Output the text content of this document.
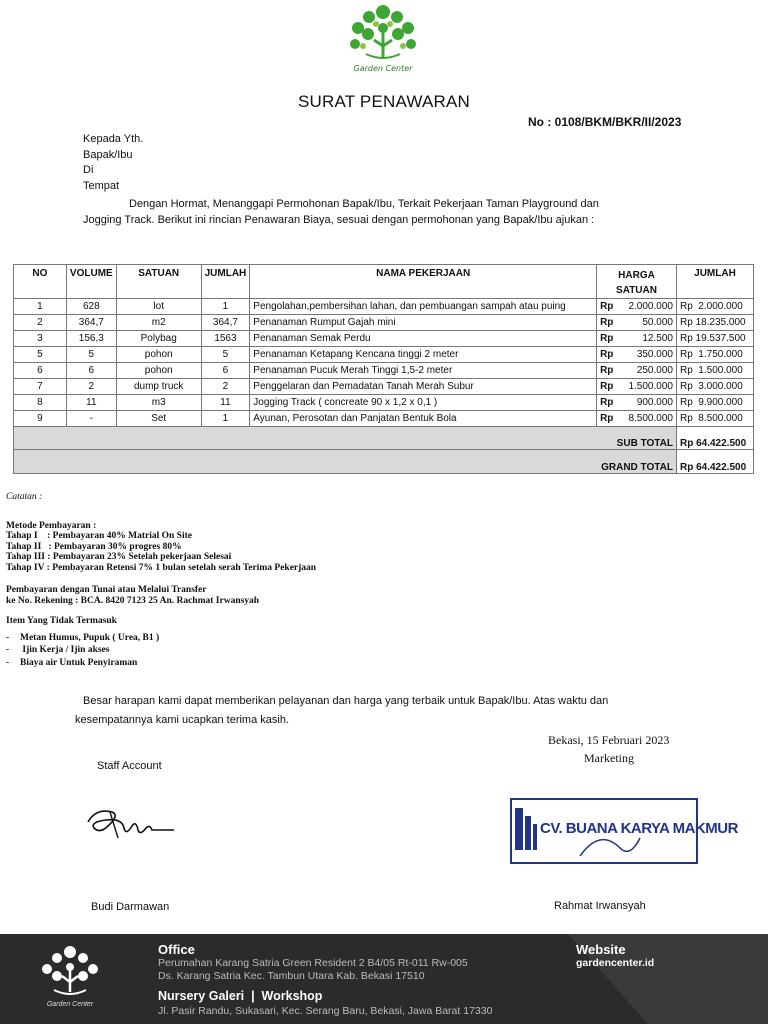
Garden Center
SURAT PENAWARAN
No : 0108/BKM/BKR/II/2023
Kepada Yth.
Bapak/Ibu
Di
Tempat
Dengan Hormat, Menanggapi Permohonan Bapak/Ibu, Terkait Pekerjaan Taman Playground dan
Jogging Track. Berikut ini rincian Penawaran Biaya, sesuai dengan permohonan yang Bapak/Ibu ajukan :
NO	VOLUME	SATUAN	JUMLAH	NAMA PEKERJAAN	HARGA SATUAN	JUMLAH
1	628	lot	1	Pengolahan,pembersihan lahan, dan pembuangan sampah atau puing	Rp 2.000.000	Rp  2.000.000
2	364,7	m2	364,7	Penanaman Rumput Gajah mini	Rp 50.000	Rp 18.235.000
3	156,3	Polybag	1563	Penanaman Semak Perdu	Rp 12.500	Rp 19.537.500
5	5	pohon	5	Penanaman Ketapang Kencana tinggi 2 meter	Rp 350.000	Rp  1.750.000
6	6	pohon	6	Penanaman Pucuk Merah Tinggi 1,5-2 meter	Rp 250.000	Rp  1.500.000
7	2	dump truck	2	Penggelaran dan Pemadatan Tanah Merah Subur	Rp 1.500.000	Rp  3.000.000
8	11	m3	11	Jogging Track ( concreate 90 x 1,2 x 0,1 )	Rp 900.000	Rp  9.900.000
9	-	Set	1	Ayunan, Perosotan dan Panjatan Bentuk Bola	Rp 8.500.000	Rp  8.500.000
SUB TOTAL						Rp 64.422.500
GRAND TOTAL						Rp 64.422.500
Catatan :
Metode Pembayaran :
Tahap I    : Pembayaran 40% Matrial On Site
Tahap II   : Pembayaran 30% progres 80%
Tahap III : Pembayaran 23% Setelah pekerjaan Selesai
Tahap IV : Pembayaran Retensi 7% 1 bulan setelah serah Terima Pekerjaan
Pembayaran dengan Tunai atau Melalui Transfer
ke No. Rekening : BCA. 8420 7123 25 An. Rachmat Irwansyah
Item Yang Tidak Termasuk
- Metan Humus, Pupuk ( Urea, B1 )
-  Ijin Kerja / Ijin akses
- Biaya air Untuk Penyiraman
Besar harapan kami dapat memberikan pelayanan dan harga yang terbaik untuk Bapak/Ibu. Atas waktu dan
kesempatannya kami ucapkan terima kasih.
Bekasi, 15 Februari 2023
Marketing
Staff Account
CV. BUANA KARYA MAKMUR
Budi Darmawan	Rahmat Irwansyah
Garden Center
Office
Perumahan Karang Satria Green Resident 2 B4/05 Rt-011 Rw-005
Ds. Karang Satria Kec. Tambun Utara Kab. Bekasi 17510
Nursery Galeri  |  Workshop
Jl. Pasir Randu, Sukasari, Kec. Serang Baru, Bekasi, Jawa Barat 17330
Website
gardencenter.id
